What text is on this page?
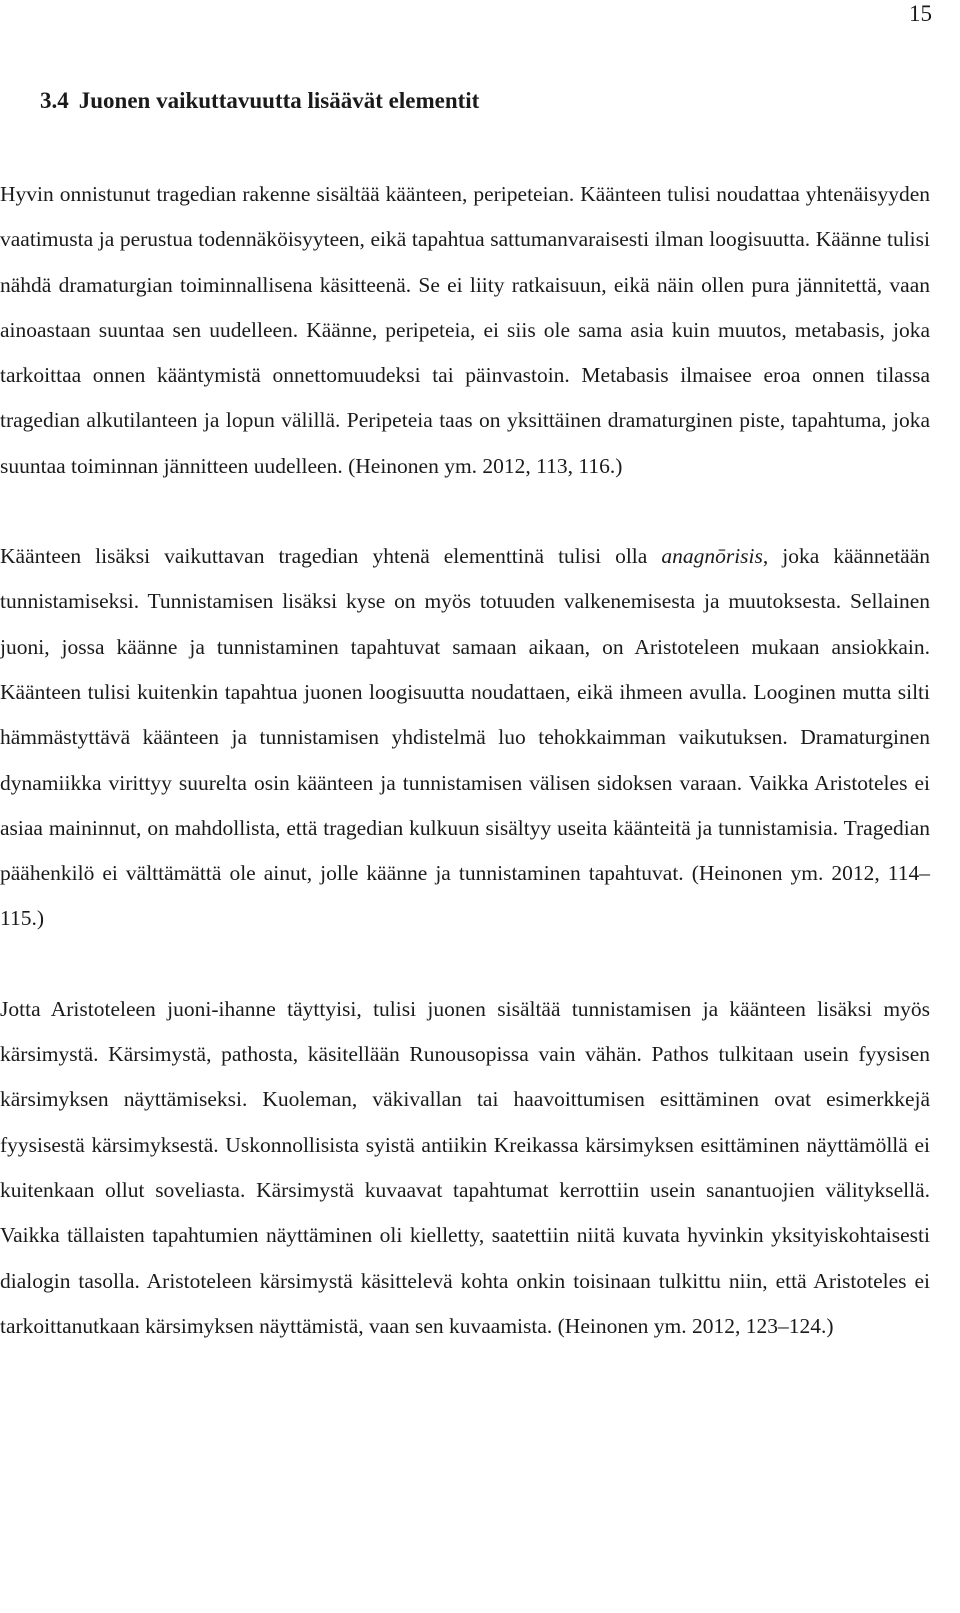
15
3.4 Juonen vaikuttavuutta lisäävät elementit

Hyvin onnistunut tragedian rakenne sisältää käänteen, peripeteian. Käänteen tulisi noudattaa yhtenäisyyden vaatimusta ja perustua todennäköisyyteen, eikä tapahtua sattumanvaraisesti ilman loogisuutta. Käänne tulisi nähdä dramaturgian toiminnallisena käsitteenä. Se ei liity ratkaisuun, eikä näin ollen pura jännitettä, vaan ainoastaan suuntaa sen uudelleen. Käänne, peripeteia, ei siis ole sama asia kuin muutos, metabasis, joka tarkoittaa onnen kääntymistä onnettomuudeksi tai päinvastoin. Metabasis ilmaisee eroa onnen tilassa tragedian alkutilanteen ja lopun välillä. Peripeteia taas on yksittäinen dramaturginen piste, tapahtuma, joka suuntaa toiminnan jännitteen uudelleen. (Heinonen ym. 2012, 113, 116.)

Käänteen lisäksi vaikuttavan tragedian yhtenä elementtinä tulisi olla anagnōrisis, joka käännetään tunnistamiseksi. Tunnistamisen lisäksi kyse on myös totuuden valkenemisesta ja muutoksesta. Sellainen juoni, jossa käänne ja tunnistaminen tapahtuvat samaan aikaan, on Aristoteleen mukaan ansiokkain. Käänteen tulisi kuitenkin tapahtua juonen loogisuutta noudattaen, eikä ihmeen avulla. Looginen mutta silti hämmästyttävä käänteen ja tunnistamisen yhdistelmä luo tehokkaimman vaikutuksen. Dramaturginen dynamiikka virittyy suurelta osin käänteen ja tunnistamisen välisen sidoksen varaan. Vaikka Aristoteles ei asiaa maininnut, on mahdollista, että tragedian kulkuun sisältyy useita käänteitä ja tunnistamisia. Tragedian päähenkilö ei välttämättä ole ainut, jolle käänne ja tunnistaminen tapahtuvat. (Heinonen ym. 2012, 114–115.)

Jotta Aristoteleen juoni-ihanne täyttyisi, tulisi juonen sisältää tunnistamisen ja käänteen lisäksi myös kärsimystä. Kärsimystä, pathosta, käsitellään Runousopissa vain vähän. Pathos tulkitaan usein fyysisen kärsimyksen näyttämiseksi. Kuoleman, väkivallan tai haavoittumisen esittäminen ovat esimerkkejä fyysisestä kärsimyksestä. Uskonnollisista syistä antiikin Kreikassa kärsimyksen esittäminen näyttämöllä ei kuitenkaan ollut soveliasta. Kärsimystä kuvaavat tapahtumat kerrottiin usein sanantuojien välityksellä. Vaikka tällaisten tapahtumien näyttäminen oli kielletty, saatettiin niitä kuvata hyvinkin yksityiskohtaisesti dialogin tasolla. Aristoteleen kärsimystä käsittelevä kohta onkin toisinaan tulkittu niin, että Aristoteles ei tarkoittanutkaan kärsimyksen näyttämistä, vaan sen kuvaamista. (Heinonen ym. 2012, 123–124.)
